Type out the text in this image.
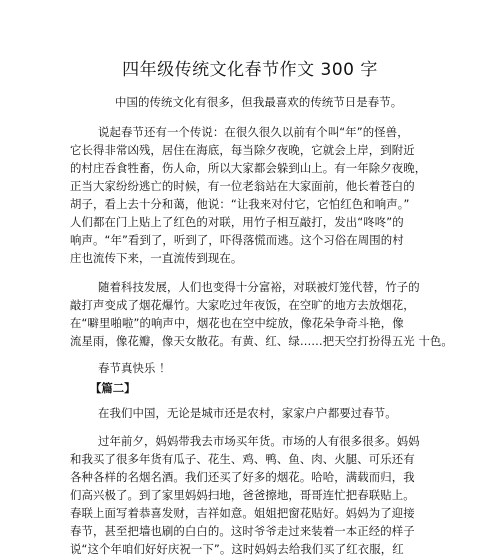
四年级传统文化春节作文 300 字
中国的传统文化有很多，但我最喜欢的传统节日是春节。
说起春节还有一个传说：在很久很久以前有个叫“年”的怪兽，
它长得非常凶残，居住在海底，每当除夕夜晚，它就会上岸，到附近
的村庄吞食牲畜，伤人命，所以大家都会躲到山上。有一年除夕夜晚，
正当大家纷纷逃亡的时候，有一位老翁站在大家面前，他长着苍白的
胡子，看上去十分和蔼，他说：“让我来对付它，它怕红色和响声。”
人们都在门上贴上了红色的对联，用竹子相互敲打，发出“咚咚”的
响声。“年”看到了，听到了，吓得落慌而逃。这个习俗在周围的村
庄也流传下来，一直流传到现在。
随着科技发展，人们也变得十分富裕，对联被灯笼代替，竹子的
敲打声变成了烟花爆竹。大家吃过年夜饭，在空旷的地方去放烟花，
在“噼里啪啦”的响声中，烟花也在空中绽放，像花朵争奇斗艳，像
流星雨，像花瓣，像天女散花。有黄、红、绿……把天空打扮得五光 十色。
春节真快乐 ！
【篇二】
在我们中国，无论是城市还是农村，家家户户都要过春节。
过年前夕，妈妈带我去市场买年货。市场的人有很多很多。妈妈
和我买了很多年货有瓜子、花生、鸡、鸭、鱼、肉、火腿、可乐还有
各种各样的名烟名酒。我们还买了好多的烟花。哈哈，满载而归，我
们高兴极了。到了家里妈妈扫地，爸爸擦地，哥哥连忙把春联贴上。
春联上面写着恭喜发财，吉祥如意。姐姐把窗花贴好。妈妈为了迎接
春节，甚至把墙也刷的白白的。这时爷爷走过来装着一本正经的样子
说“这个年咱们好好庆祝一下”。这时妈妈去给我们买了红衣服，红
